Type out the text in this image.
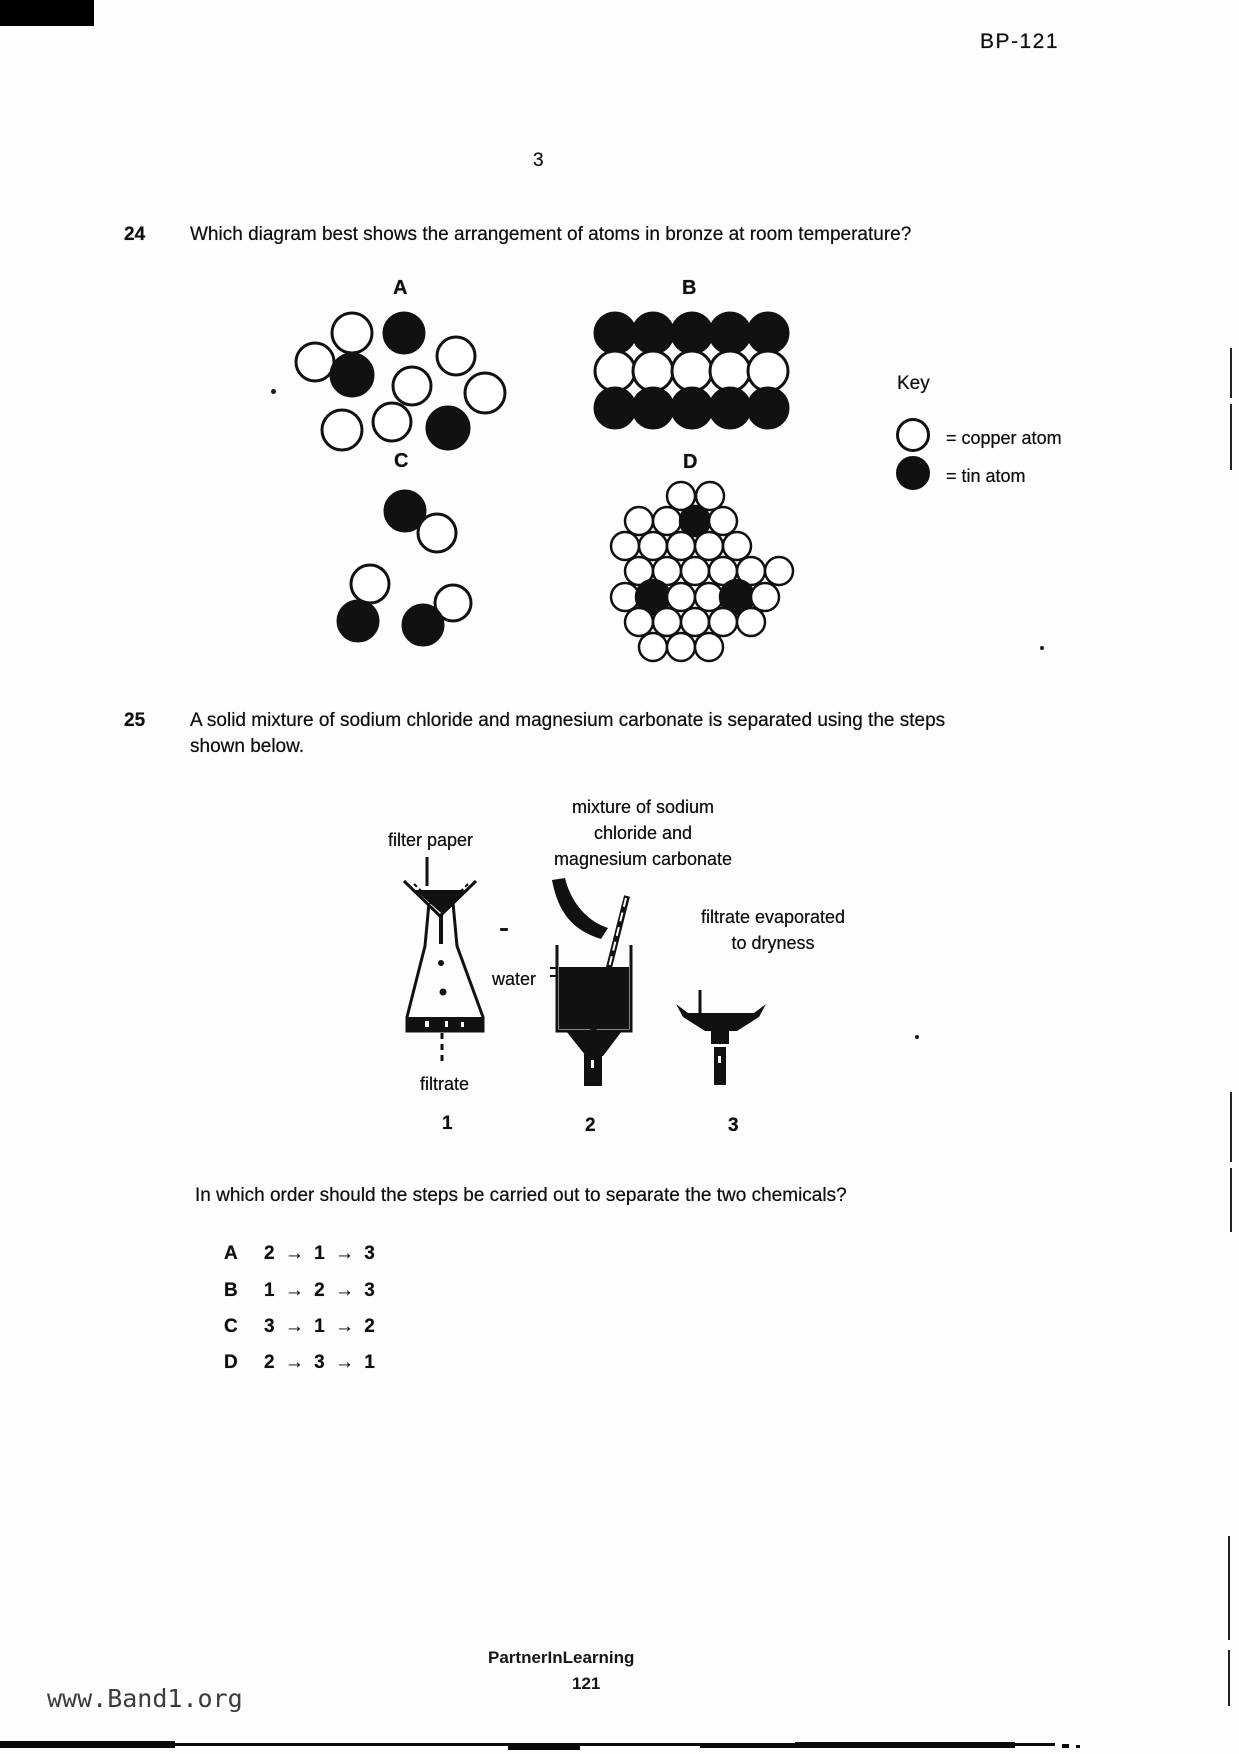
BP-121
3
24 Which diagram best shows the arrangement of atoms in bronze at room temperature?
A	B
C	D
Key
= copper atom
= tin atom
25 A solid mixture of sodium chloride and magnesium carbonate is separated using the steps
shown below.
mixture of sodium
chloride and
magnesium carbonate
filter paper
filtrate evaporated
to dryness
water
filtrate
1	2	3
In which order should the steps be carried out to separate the two chemicals?
A 2 → 1 → 3
B 1 → 2 → 3
C 3 → 1 → 2
D 2 → 3 → 1
PartnerInLearning
121
www.Band1.org
